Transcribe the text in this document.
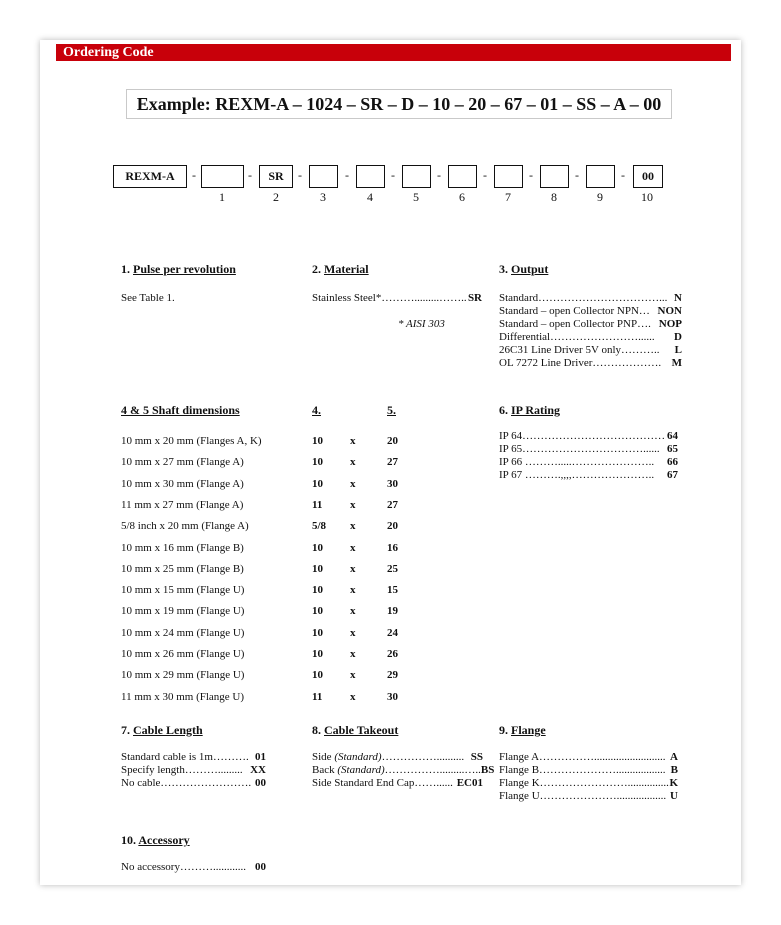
Ordering Code
Example: REXM-A – 1024 – SR – D – 10 – 20 – 67 – 01 – SS – A – 00
REXM-A	-	-	SR	-	-	-	-	-	-	-	-	00
1	2	3	4	5	6	7	8	9	10
1. Pulse per revolution
See Table 1.
2. Material
Stainless Steel*……….........…….. SR
* AISI 303
3. Output
Standard……………………………... N
Standard – open Collector NPN… NON
Standard – open Collector PNP…. NOP
Differential……………………...... D
26C31 Line Driver 5V only……….. L
OL 7272 Line Driver………………. M
4 & 5 Shaft dimensions	4.	5.
10 mm x 20 mm (Flanges A, K)	10 x	20
10 mm x 27 mm (Flange A)	10 x	27
10 mm x 30 mm (Flange A)	10 x	30
11 mm x 27 mm (Flange A)	11	x	27
5/8 inch x 20 mm (Flange A)	5/8 x	20
10 mm x 16 mm (Flange B)	10 x	16
10 mm x 25 mm (Flange B)	10 x	25
10 mm x 15 mm (Flange U)	10 x	15
10 mm x 19 mm (Flange U)	10 x	19
10 mm x 24 mm (Flange U)	10 x	24
10 mm x 26 mm (Flange U)	10 x	26
10 mm x 29 mm (Flange U)	10 x	29
11 mm x 30 mm (Flange U)	11	x	30
6. IP Rating
IP 64………………………………… 64
IP 65……………………………...... 65
IP 66 ……….....………………….. 66
IP 67 ……….,,,,………………….. 67
7. Cable Length
Standard cable is 1m………. 01
Specify length………......... XX
No cable……………………. 00
8. Cable Takeout
Side (Standard)…………….......... SS
Back (Standard)…………….........….. BS
Side Standard End Cap……...... EC01
9. Flange
Flange A…………….......................... A
Flange B………………….................. B
Flange K……………………............... K
Flange U………………….................. U
10. Accessory
No accessory………............ 00
